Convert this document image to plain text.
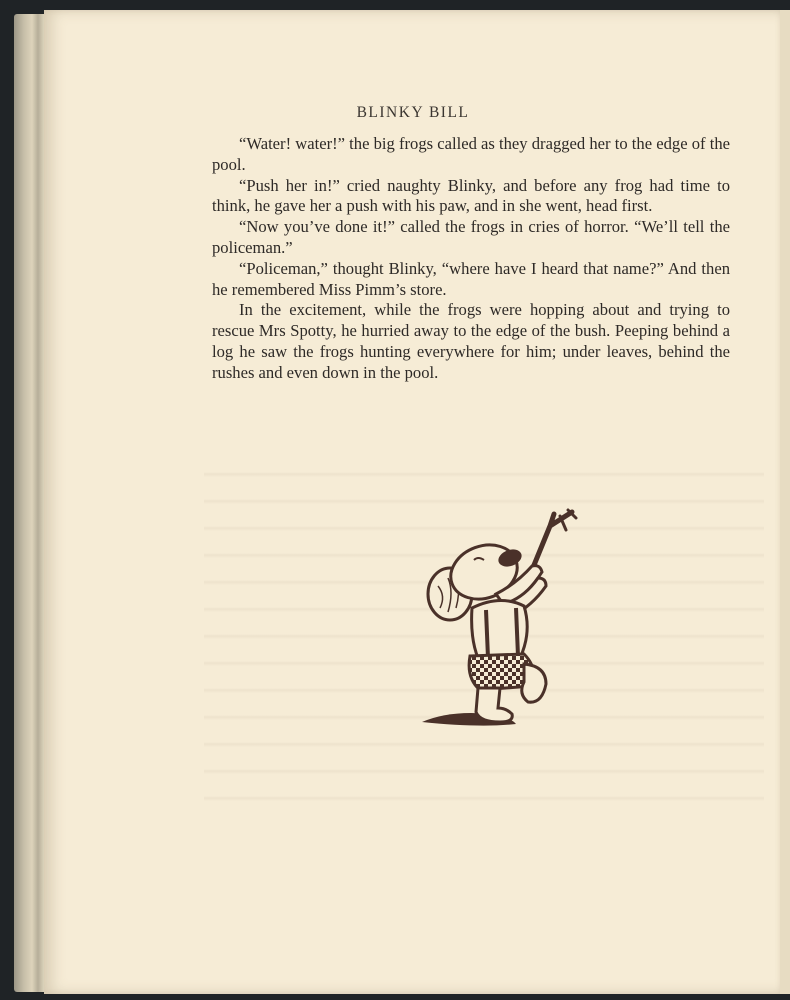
BLINKY BILL

“Water! water!” the big frogs called as they dragged her to the edge of the pool.

“Push her in!” cried naughty Blinky, and before any frog had time to think, he gave her a push with his paw, and in she went, head first.

“Now you’ve done it!” called the frogs in cries of horror. “We’ll tell the policeman.”

“Policeman,” thought Blinky, “where have I heard that name?” And then he remembered Miss Pimm’s store.

In the excitement, while the frogs were hopping about and trying to rescue Mrs Spotty, he hurried away to the edge of the bush. Peeping behind a log he saw the frogs hunting everywhere for him; under leaves, behind the rushes and even down in the pool.
